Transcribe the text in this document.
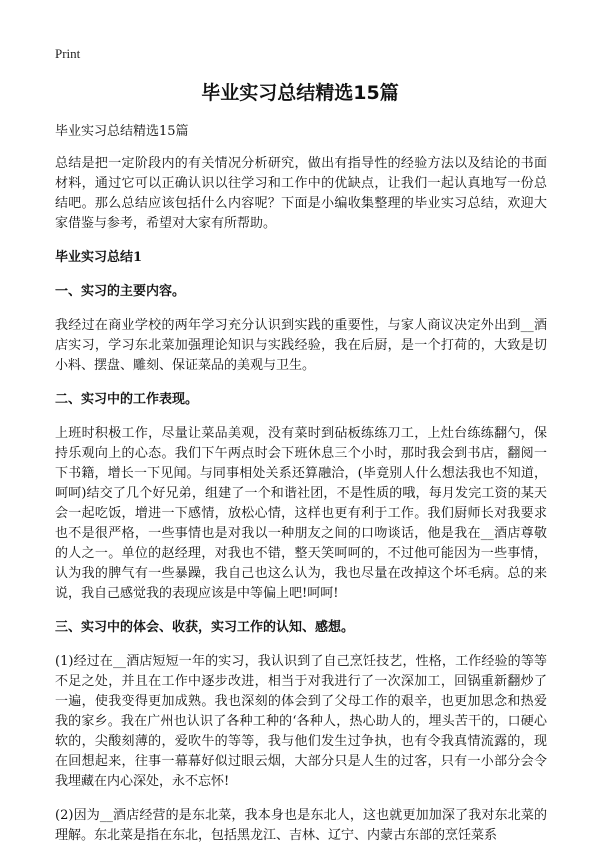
Print
毕业实习总结精选15篇

毕业实习总结精选15篇

总结是把一定阶段内的有关情况分析研究，做出有指导性的经验方法以及结论的书面材料，通过它可以正确认识以往学习和工作中的优缺点，让我们一起认真地写一份总结吧。那么总结应该包括什么内容呢？下面是小编收集整理的毕业实习总结，欢迎大家借鉴与参考，希望对大家有所帮助。

毕业实习总结1
一、实习的主要内容。

我经过在商业学校的两年学习充分认识到实践的重要性，与家人商议决定外出到__酒店实习，学习东北菜加强理论知识与实践经验，我在后厨，是一个打荷的，大致是切小料、摆盘、雕刻、保证菜品的美观与卫生。

二、实习中的工作表现。

上班时积极工作，尽量让菜品美观，没有菜时到砧板练练刀工，上灶台练练翻勺，保持乐观向上的心态。我们下午两点时会下班休息三个小时，那时我会到书店，翻阅一下书籍，增长一下见闻。与同事相处关系还算融洽，(毕竟别人什么想法我也不知道，呵呵)结交了几个好兄弟，组建了一个和谐社团，不是性质的哦，每月发完工资的某天会一起吃饭，增进一下感情，放松心情，这样也更有利于工作。我们厨师长对我要求也不是很严格，一些事情也是对我以一种朋友之间的口吻谈话，他是我在__酒店尊敬的人之一。单位的赵经理，对我也不错，整天笑呵呵的，不过他可能因为一些事情，认为我的脾气有一些暴躁，我自己也这么认为，我也尽量在改掉这个坏毛病。总的来说，我自己感觉我的表现应该是中等偏上吧!呵呵!

三、实习中的体会、收获，实习工作的认知、感想。

(1)经过在__酒店短短一年的实习，我认识到了自己烹饪技艺，性格，工作经验的等等不足之处，并且在工作中逐步改进，相当于对我进行了一次深加工，回锅重新翻炒了一遍，使我变得更加成熟。我也深刻的体会到了父母工作的艰辛，也更加思念和热爱我的家乡。我在广州也认识了各种工种的‘各种人，热心助人的，埋头苦干的，口硬心软的，尖酸刻薄的，爱吹牛的等等，我与他们发生过争执，也有令我真情流露的，现在回想起来，往事一幕幕好似过眼云烟，大部分只是人生的过客，只有一小部分会令我埋藏在内心深处，永不忘怀!

(2)因为__酒店经营的是东北菜，我本身也是东北人，这也就更加加深了我对东北菜的理解。东北菜是指在东北，包括黑龙江、吉林、辽宁、内蒙古东部的烹饪菜系
